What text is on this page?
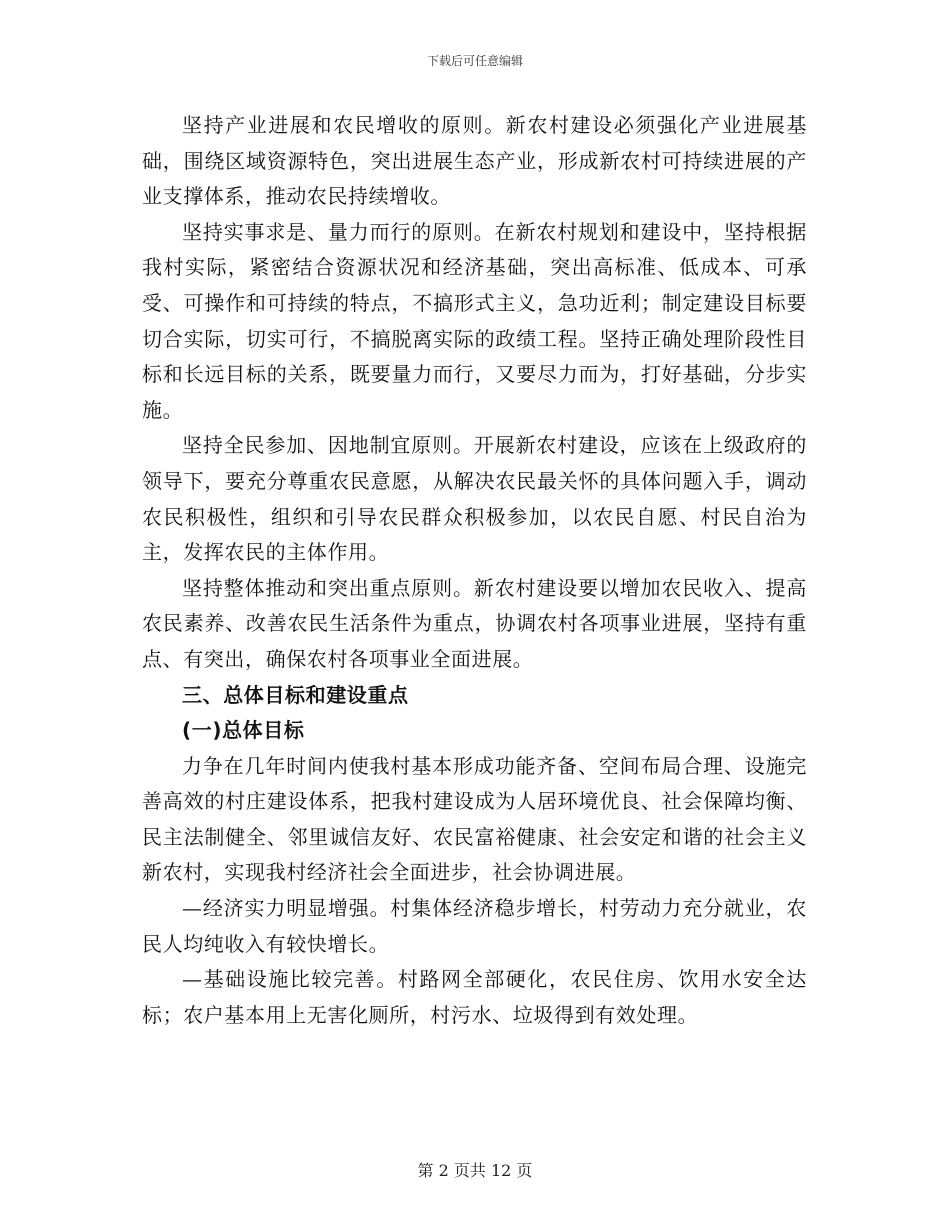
下载后可任意编辑

坚持产业进展和农民增收的原则。新农村建设必须强化产业进展基础，围绕区域资源特色，突出进展生态产业，形成新农村可持续进展的产业支撑体系，推动农民持续增收。

坚持实事求是、量力而行的原则。在新农村规划和建设中，坚持根据我村实际，紧密结合资源状况和经济基础，突出高标准、低成本、可承受、可操作和可持续的特点，不搞形式主义，急功近利；制定建设目标要切合实际，切实可行，不搞脱离实际的政绩工程。坚持正确处理阶段性目标和长远目标的关系，既要量力而行，又要尽力而为，打好基础，分步实施。

坚持全民参加、因地制宜原则。开展新农村建设，应该在上级政府的领导下，要充分尊重农民意愿，从解决农民最关怀的具体问题入手，调动农民积极性，组织和引导农民群众积极参加，以农民自愿、村民自治为主，发挥农民的主体作用。

坚持整体推动和突出重点原则。新农村建设要以增加农民收入、提高农民素养、改善农民生活条件为重点，协调农村各项事业进展，坚持有重点、有突出，确保农村各项事业全面进展。

三、总体目标和建设重点

(一)总体目标

力争在几年时间内使我村基本形成功能齐备、空间布局合理、设施完善高效的村庄建设体系，把我村建设成为人居环境优良、社会保障均衡、民主法制健全、邻里诚信友好、农民富裕健康、社会安定和谐的社会主义新农村，实现我村经济社会全面进步，社会协调进展。

—经济实力明显增强。村集体经济稳步增长，村劳动力充分就业，农民人均纯收入有较快增长。

—基础设施比较完善。村路网全部硬化，农民住房、饮用水安全达标；农户基本用上无害化厕所，村污水、垃圾得到有效处理。

第 2 页共 12 页
